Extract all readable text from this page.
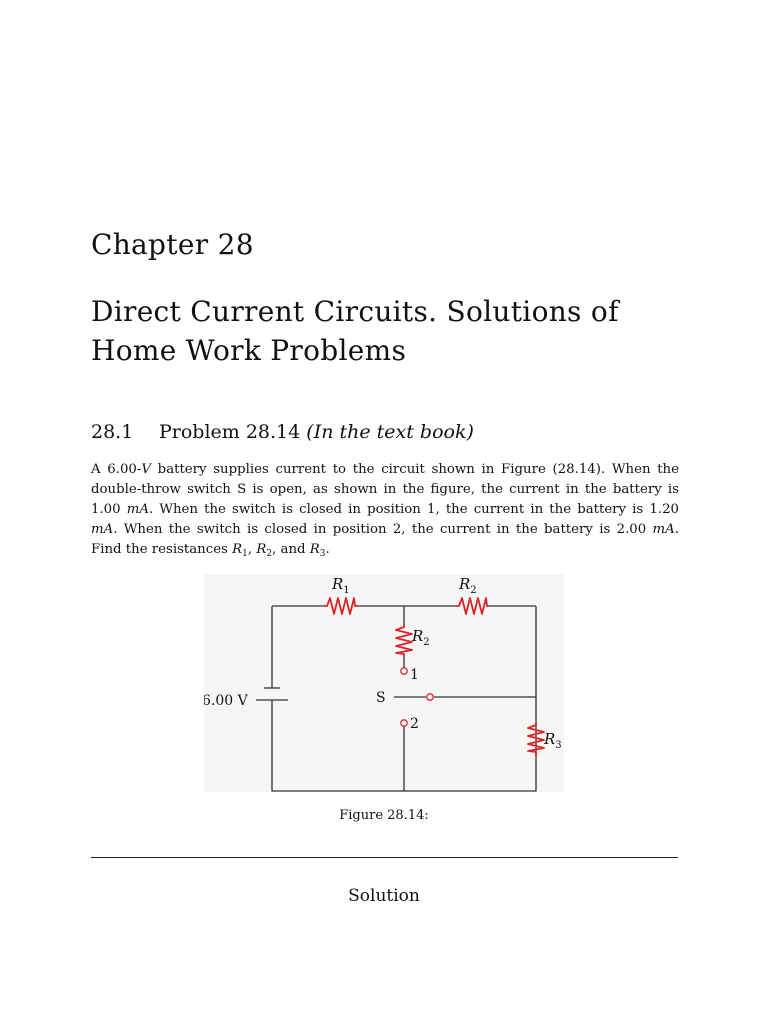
Chapter 28
Direct Current Circuits. Solutions of
Home Work Problems
28.1 Problem 28.14 (In the text book)

A 6.00-V battery supplies current to the circuit shown in Figure (28.14). When the double-throw switch S is open, as shown in the figure, the current in the battery is 1.00 mA. When the switch is closed in position 1, the current in the battery is 1.20 mA. When the switch is closed in position 2, the current in the battery is 2.00 mA. Find the resistances $R_1$, $R_2$, and $R_3$.

6.00 V	S
1
2
$R_1$	$R_2$
$R_2$
$R_3$

Figure 28.14:

Solution
